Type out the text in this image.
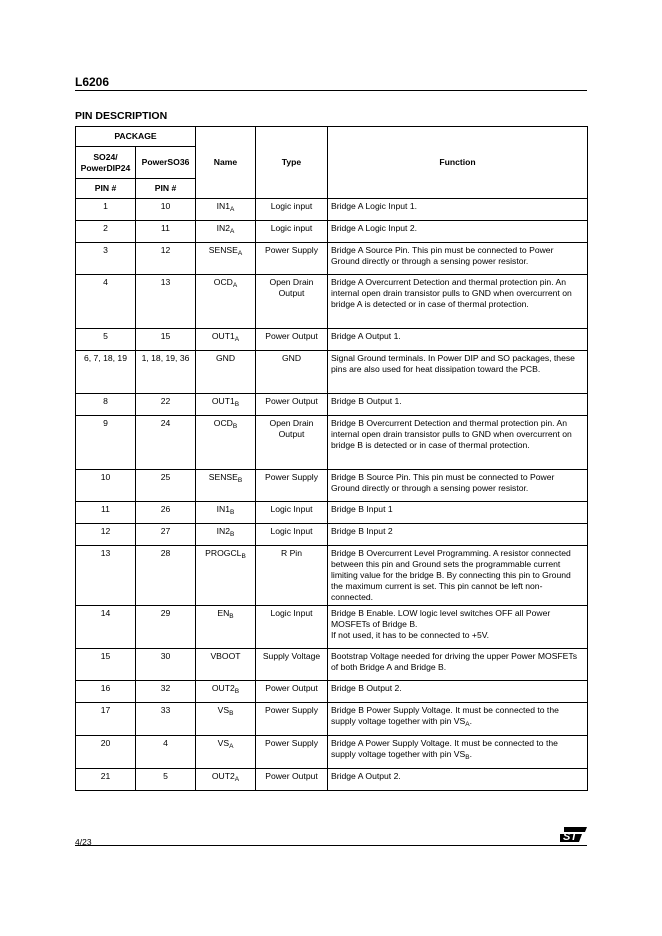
L6206
PIN DESCRIPTION
PACKAGE		Name	Type	Function
SO24/
PowerDIP24	PowerSO36			
PIN #	PIN #			
1	10	$IN1_A$	Logic input	Bridge A Logic Input 1.
2	11	$IN2_A$	Logic input	Bridge A Logic Input 2.
3	12	$SENSE_A$	Power Supply	Bridge A Source Pin. This pin must be connected to Power Ground directly or through a sensing power resistor.
4	13	$OCD_A$	Open Drain Output	Bridge A Overcurrent Detection and thermal protection pin. An internal open drain transistor pulls to GND when overcurrent on bridge A is detected or in case of thermal protection.
5	15	$OUT1_A$	Power Output	Bridge A Output 1.
6, 7, 18, 19	1, 18, 19, 36	GND	GND	Signal Ground terminals. In Power DIP and SO packages, these pins are also used for heat dissipation toward the PCB.
8	22	$OUT1_B$	Power Output	Bridge B Output 1.
9	24	$OCD_B$	Open Drain Output	Bridge B Overcurrent Detection and thermal protection pin. An internal open drain transistor pulls to GND when overcurrent on bridge B is detected or in case of thermal protection.
10	25	$SENSE_B$	Power Supply	Bridge B Source Pin. This pin must be connected to Power Ground directly or through a sensing power resistor.
11	26	$IN1_B$	Logic Input	Bridge B Input 1
12	27	$IN2_B$	Logic Input	Bridge B Input 2
13	28	$PROGCL_B$	R Pin	Bridge B Overcurrent Level Programming. A resistor connected between this pin and Ground sets the programmable current limiting value for the bridge B. By connecting this pin to Ground the maximum current is set. This pin cannot be left non-connected.
14	29	$EN_B$	Logic Input	Bridge B Enable. LOW logic level switches OFF all Power MOSFETs of Bridge B.
If not used, it has to be connected to +5V.
15	30	VBOOT	Supply Voltage	Bootstrap Voltage needed for driving the upper Power MOSFETs of both Bridge A and Bridge B.
16	32	$OUT2_B$	Power Output	Bridge B Output 2.
17	33	$VS_B$	Power Supply	Bridge B Power Supply Voltage. It must be connected to the supply voltage together with pin $VS_A$.
20	4	$VS_A$	Power Supply	Bridge A Power Supply Voltage. It must be connected to the supply voltage together with pin $VS_B$.
21	5	$OUT2_A$	Power Output	Bridge A Output 2.
4/23	ST
